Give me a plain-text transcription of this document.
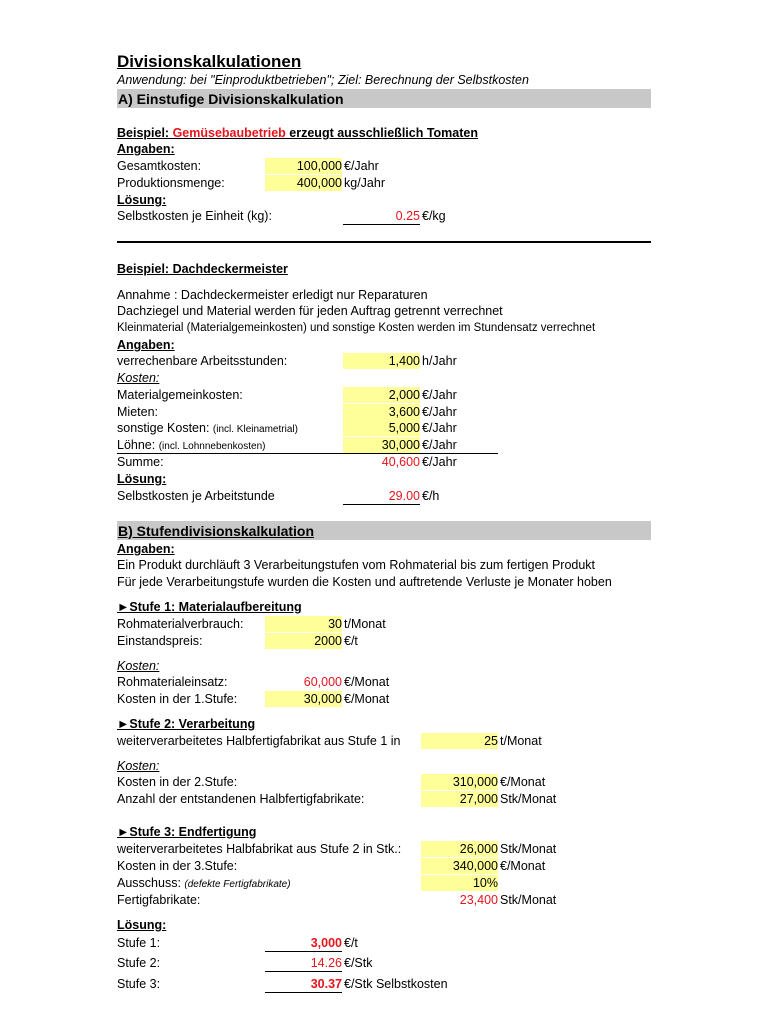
Divisionskalkulationen
Anwendung: bei "Einproduktbetrieben"; Ziel: Berechnung der Selbstkosten
A) Einstufige Divisionskalkulation
Beispiel: Gemüsebaubetrieb erzeugt ausschließlich Tomaten
Angaben:
Gesamtkosten:	100,000 €/Jahr
Produktionsmenge:	400,000 kg/Jahr
Lösung:
Selbstkosten je Einheit (kg):	0.25 €/kg
Beispiel: Dachdeckermeister
Annahme : Dachdeckermeister erledigt nur Reparaturen
Dachziegel und Material werden für jeden Auftrag getrennt verrechnet
Kleinmaterial (Materialgemeinkosten) und sonstige Kosten werden im Stundensatz verrechnet
Angaben:
verrechenbare Arbeitsstunden:	1,400 h/Jahr
Kosten:
Materialgemeinkosten:	2,000 €/Jahr
Mieten:	3,600 €/Jahr
sonstige Kosten: (incl. Kleinametrial)	5,000 €/Jahr
Löhne: (incl. Lohnnebenkosten)	30,000 €/Jahr
Summe:	40,600 €/Jahr
Lösung:
Selbstkosten je Arbeitstunde	29.00 €/h
B) Stufendivisionskalkulation
Angaben:
Ein Produkt durchläuft 3 Verarbeitungstufen vom Rohmaterial bis zum fertigen Produkt
Für jede Verarbeitungstufe wurden die Kosten und auftretende Verluste je Monater hoben
►Stufe 1: Materialaufbereitung
Rohmaterialverbrauch:	30 t/Monat
Einstandspreis:	2000 €/t
Kosten:
Rohmaterialeinsatz:	60,000 €/Monat
Kosten in der 1.Stufe:	30,000 €/Monat
►Stufe 2: Verarbeitung
weiterverarbeitetes Halbfertigfabrikat aus Stufe 1 in	25 t/Monat
Kosten:
Kosten in der 2.Stufe:	310,000 €/Monat
Anzahl der entstandenen Halbfertigfabrikate:	27,000 Stk/Monat
►Stufe 3: Endfertigung
weiterverarbeitetes Halbfabrikat aus Stufe 2 in Stk.:	26,000 Stk/Monat
Kosten in der 3.Stufe:	340,000 €/Monat
Ausschuss: (defekte Fertigfabrikate)	10%
Fertigfabrikate:	23,400 Stk/Monat
Lösung:
Stufe 1:	3,000 €/t
Stufe 2:	14.26 €/Stk
Stufe 3:	30.37 €/Stk Selbstkosten
